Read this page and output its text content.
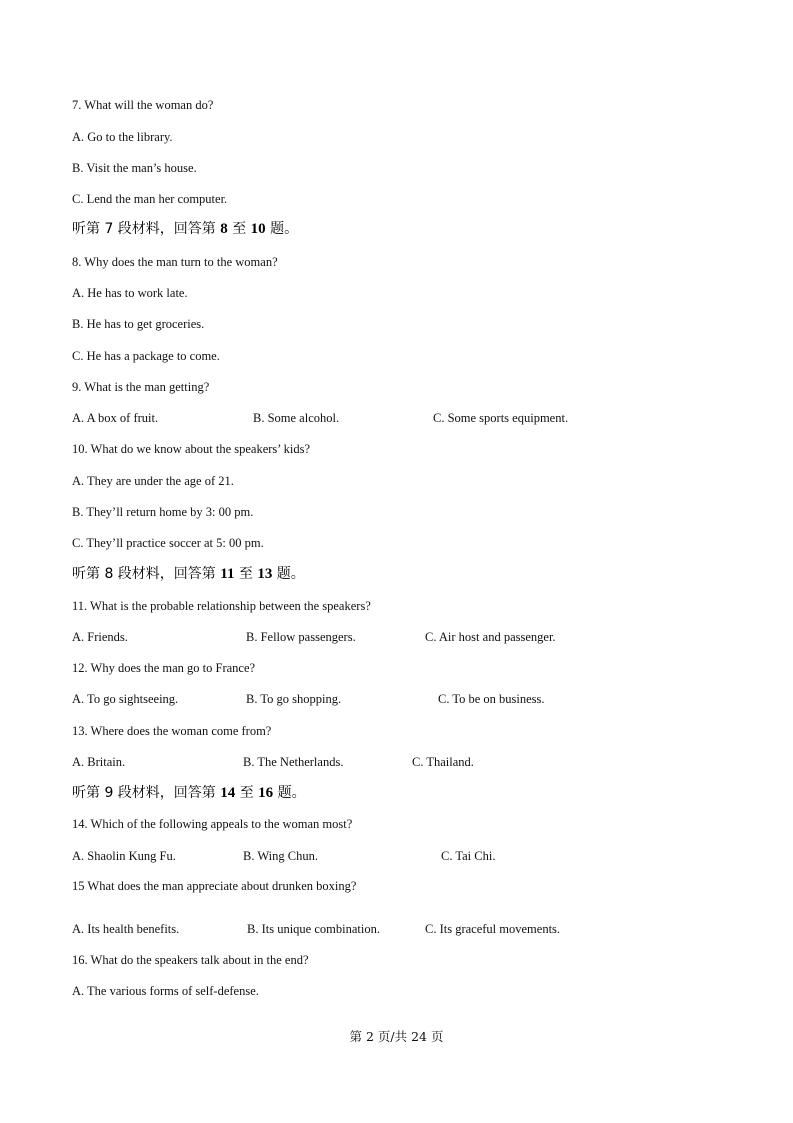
7. What will the woman do?
A. Go to the library.
B. Visit the man’s house.
C. Lend the man her computer.
听第 7 段材料，回答第 8 至 10 题。
8. Why does the man turn to the woman?
A. He has to work late.
B. He has to get groceries.
C. He has a package to come.
9. What is the man getting?
A. A box of fruit.	B. Some alcohol.	C. Some sports equipment.
10. What do we know about the speakers’ kids?
A. They are under the age of 21.
B. They’ll return home by 3: 00 pm.
C. They’ll practice soccer at 5: 00 pm.
听第 8 段材料，回答第 11 至 13 题。
11. What is the probable relationship between the speakers?
A. Friends.	B. Fellow passengers.	C. Air host and passenger.
12. Why does the man go to France?
A. To go sightseeing.	B. To go shopping.	C. To be on business.
13. Where does the woman come from?
A. Britain.	B. The Netherlands.	C. Thailand.
听第 9 段材料，回答第 14 至 16 题。
14. Which of the following appeals to the woman most?
A. Shaolin Kung Fu.	B. Wing Chun.	C. Tai Chi.
15 What does the man appreciate about drunken boxing?
A. Its health benefits.	B. Its unique combination.	C. Its graceful movements.
16. What do the speakers talk about in the end?
A. The various forms of self-defense.
第 2 页/共 24 页
